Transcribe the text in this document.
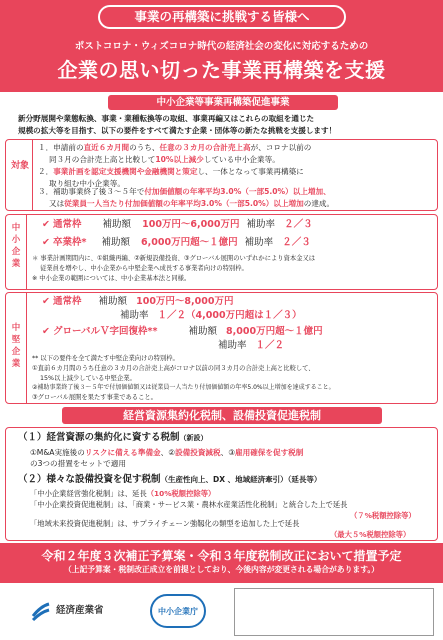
事業の再構築に挑戦する皆様へ
ポストコロナ・ウィズコロナ時代の経済社会の変化に対応するための
企業の思い切った事業再構築を支援
中小企業等事業再構築促進事業
新分野展開や業態転換、事業・業種転換等の取組、事業再編又はこれらの取組を通じた
規模の拡大等を目指す、以下の要件をすべて満たす企業・団体等の新たな挑戦を支援します！
対象
１．申請前の直近６カ月間のうち、任意の３カ月の合計売上高が、コロナ以前の
同３月の合計売上高と比較して10%以上減少している中小企業等。
２．事業計画を認定支援機関や金融機関と策定し、一体となって事業再構築に
取り組む中小企業等。
３．補助事業終了後３～５年で付加価値額の年率平均3.0%（一部5.0%）以上増加、
又は従業員一人当たり付加価値額の年率平均3.0%（一部5.0%）以上増加の達成。
中小企業
✔ 通常枠 補助額 100万円～6,000万円 補助率 ２／３
✔ 卒業枠* 補助額 6,000万円超～１億円 補助率 ２／３
＊ 事業計画期間内に、①組織再編、②新規設備投資、③グローバル展開のいずれかにより資本金又は
従業員を増やし、中小企業から中堅企業へ成長する事業者向けの特別枠。
※ 中小企業の範囲については、中小企業基本法と同様。
中堅企業
✔ 通常枠 補助額 100万円～8,000万円
補助率 １／２（4,000万円超は１／３）
✔ グローバルＶ字回復枠**	補助額 8,000万円超～１億円
補助率 １／２
** 以下の要件を全て満たす中堅企業向けの特別枠。
①直前６カ月間のうち任意の３カ月の合計売上高がコロナ以前の同３カ月の合計売上高と比較して、
15%以上減少している中堅企業。
②補助事業終了後３～５年で付加価値額又は従業員一人当たり付加価値額の年率5.0%以上増加を達成すること。
③グローバル展開を果たす事業であること。
経営資源集約化税制、設備投資促進税制
（１）経営資源の集約化に資する税制（新設）
①M&A実施後のリスクに備える準備金、②設備投資減税、③雇用確保を促す税制
の3つの措置をセットで適用
（２）様々な設備投資を促す税制（生産性向上、DX 、地域経済牽引）（延長等）
「中小企業経営強化税制」は、延長（10%税額控除等）
「中小企業投資促進税制」は、「商業・サービス業・農林水産業活性化税制」と統合した上で延長
（７%税額控除等）
「地域未来投資促進税制」は、サプライチェーン強靱化の類型を追加した上で延長
（最大５%税額控除等）
令和２年度３次補正予算案・令和３年度税制改正において措置予定
（上記予算案・税制改正成立を前提としており、今後内容が変更される場合があります。）
経済産業省	中小企業庁
